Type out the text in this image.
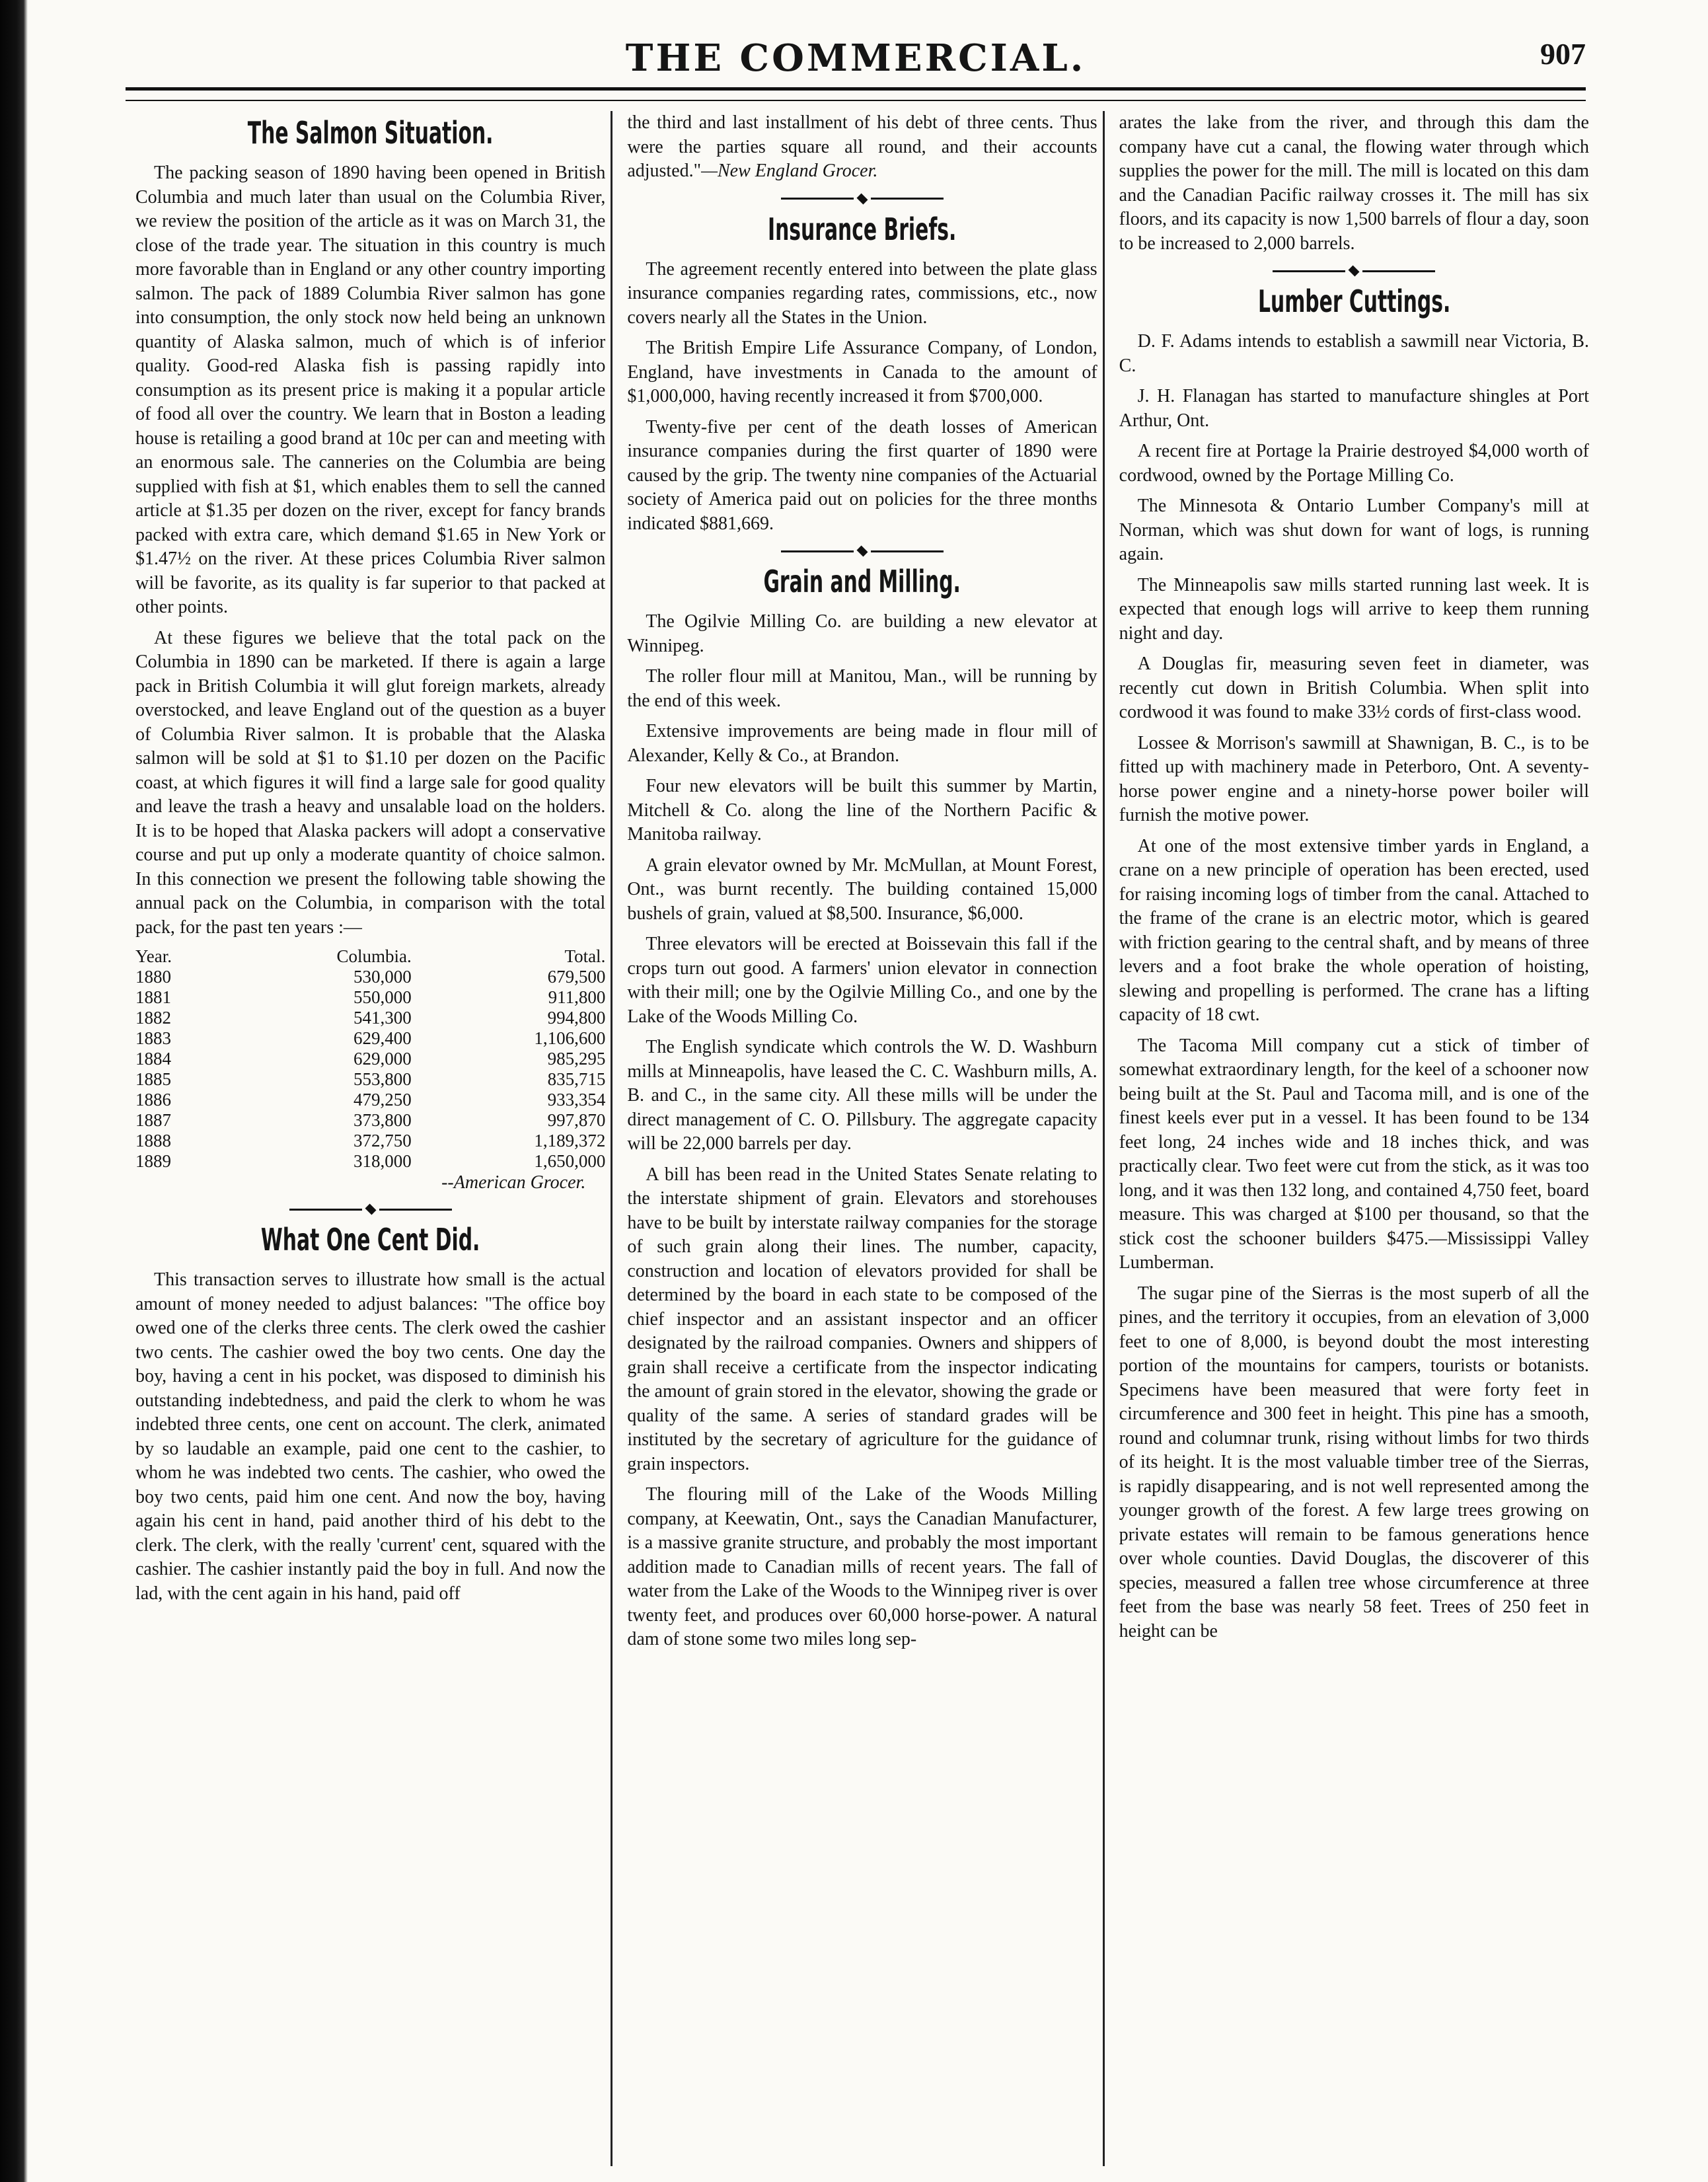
THE COMMERCIAL.	907
The Salmon Situation.

The packing season of 1890 having been opened in British Columbia and much later than usual on the Columbia River, we review the position of the article as it was on March 31, the close of the trade year. The situation in this country is much more favorable than in England or any other country importing salmon. The pack of 1889 Columbia River salmon has gone into consumption, the only stock now held being an unknown quantity of Alaska salmon, much of which is of inferior quality. Good-red Alaska fish is passing rapidly into consumption as its present price is making it a popular article of food all over the country. We learn that in Boston a leading house is retailing a good brand at 10c per can and meeting with an enormous sale. The canneries on the Columbia are being supplied with fish at $1, which enables them to sell the canned article at $1.35 per dozen on the river, except for fancy brands packed with extra care, which demand $1.65 in New York or $1.47½ on the river. At these prices Columbia River salmon will be favorite, as its quality is far superior to that packed at other points.

At these figures we believe that the total pack on the Columbia in 1890 can be marketed. If there is again a large pack in British Columbia it will glut foreign markets, already overstocked, and leave England out of the question as a buyer of Columbia River salmon. It is probable that the Alaska salmon will be sold at $1 to $1.10 per dozen on the Pacific coast, at which figures it will find a large sale for good quality and leave the trash a heavy and unsalable load on the holders. It is to be hoped that Alaska packers will adopt a conservative course and put up only a moderate quantity of choice salmon. In this connection we present the following table showing the annual pack on the Columbia, in comparison with the total pack, for the past ten years :—

Year.	Columbia.	Total.
1880	530,000	679,500
1881	550,000	911,800
1882	541,300	994,800
1883	629,400	1,106,600
1884	629,000	985,295
1885	553,800	835,715
1886	479,250	933,354
1887	373,800	997,870
1888	372,750	1,189,372
1889	318,000	1,650,000
--American Grocer.
What One Cent Did.

This transaction serves to illustrate how small is the actual amount of money needed to adjust balances: "The office boy owed one of the clerks three cents. The clerk owed the cashier two cents. The cashier owed the boy two cents. One day the boy, having a cent in his pocket, was disposed to diminish his outstanding indebtedness, and paid the clerk to whom he was indebted three cents, one cent on account. The clerk, animated by so laudable an example, paid one cent to the cashier, to whom he was indebted two cents. The cashier, who owed the boy two cents, paid him one cent. And now the boy, having again his cent in hand, paid another third of his debt to the clerk. The clerk, with the really 'current' cent, squared with the cashier. The cashier instantly paid the boy in full. And now the lad, with the cent again in his hand, paid off

the third and last installment of his debt of three cents. Thus were the parties square all round, and their accounts adjusted."—New England Grocer.

Insurance Briefs.

The agreement recently entered into between the plate glass insurance companies regarding rates, commissions, etc., now covers nearly all the States in the Union.

The British Empire Life Assurance Company, of London, England, have investments in Canada to the amount of $1,000,000, having recently increased it from $700,000.

Twenty-five per cent of the death losses of American insurance companies during the first quarter of 1890 were caused by the grip. The twenty nine companies of the Actuarial society of America paid out on policies for the three months indicated $881,669.

Grain and Milling.

The Ogilvie Milling Co. are building a new elevator at Winnipeg.

The roller flour mill at Manitou, Man., will be running by the end of this week.

Extensive improvements are being made in flour mill of Alexander, Kelly & Co., at Brandon.

Four new elevators will be built this summer by Martin, Mitchell & Co. along the line of the Northern Pacific & Manitoba railway.

A grain elevator owned by Mr. McMullan, at Mount Forest, Ont., was burnt recently. The building contained 15,000 bushels of grain, valued at $8,500. Insurance, $6,000.

Three elevators will be erected at Boissevain this fall if the crops turn out good. A farmers' union elevator in connection with their mill; one by the Ogilvie Milling Co., and one by the Lake of the Woods Milling Co.

The English syndicate which controls the W. D. Washburn mills at Minneapolis, have leased the C. C. Washburn mills, A. B. and C., in the same city. All these mills will be under the direct management of C. O. Pillsbury. The aggregate capacity will be 22,000 barrels per day.

A bill has been read in the United States Senate relating to the interstate shipment of grain. Elevators and storehouses have to be built by interstate railway companies for the storage of such grain along their lines. The number, capacity, construction and location of elevators provided for shall be determined by the board in each state to be composed of the chief inspector and an assistant inspector and an officer designated by the railroad companies. Owners and shippers of grain shall receive a certificate from the inspector indicating the amount of grain stored in the elevator, showing the grade or quality of the same. A series of standard grades will be instituted by the secretary of agriculture for the guidance of grain inspectors.

The flouring mill of the Lake of the Woods Milling company, at Keewatin, Ont., says the Canadian Manufacturer, is a massive granite structure, and probably the most important addition made to Canadian mills of recent years. The fall of water from the Lake of the Woods to the Winnipeg river is over twenty feet, and produces over 60,000 horse-power. A natural dam of stone some two miles long sep-

arates the lake from the river, and through this dam the company have cut a canal, the flowing water through which supplies the power for the mill. The mill is located on this dam and the Canadian Pacific railway crosses it. The mill has six floors, and its capacity is now 1,500 barrels of flour a day, soon to be increased to 2,000 barrels.

Lumber Cuttings.

D. F. Adams intends to establish a sawmill near Victoria, B. C.

J. H. Flanagan has started to manufacture shingles at Port Arthur, Ont.

A recent fire at Portage la Prairie destroyed $4,000 worth of cordwood, owned by the Portage Milling Co.

The Minnesota & Ontario Lumber Company's mill at Norman, which was shut down for want of logs, is running again.

The Minneapolis saw mills started running last week. It is expected that enough logs will arrive to keep them running night and day.

A Douglas fir, measuring seven feet in diameter, was recently cut down in British Columbia. When split into cordwood it was found to make 33½ cords of first-class wood.

Lossee & Morrison's sawmill at Shawnigan, B. C., is to be fitted up with machinery made in Peterboro, Ont. A seventy-horse power engine and a ninety-horse power boiler will furnish the motive power.

At one of the most extensive timber yards in England, a crane on a new principle of operation has been erected, used for raising incoming logs of timber from the canal. Attached to the frame of the crane is an electric motor, which is geared with friction gearing to the central shaft, and by means of three levers and a foot brake the whole operation of hoisting, slewing and propelling is performed. The crane has a lifting capacity of 18 cwt.

The Tacoma Mill company cut a stick of timber of somewhat extraordinary length, for the keel of a schooner now being built at the St. Paul and Tacoma mill, and is one of the finest keels ever put in a vessel. It has been found to be 134 feet long, 24 inches wide and 18 inches thick, and was practically clear. Two feet were cut from the stick, as it was too long, and it was then 132 long, and contained 4,750 feet, board measure. This was charged at $100 per thousand, so that the stick cost the schooner builders $475.—Mississippi Valley Lumberman.

The sugar pine of the Sierras is the most superb of all the pines, and the territory it occupies, from an elevation of 3,000 feet to one of 8,000, is beyond doubt the most interesting portion of the mountains for campers, tourists or botanists. Specimens have been measured that were forty feet in circumference and 300 feet in height. This pine has a smooth, round and columnar trunk, rising without limbs for two thirds of its height. It is the most valuable timber tree of the Sierras, is rapidly disappearing, and is not well represented among the younger growth of the forest. A few large trees growing on private estates will remain to be famous generations hence over whole counties. David Douglas, the discoverer of this species, measured a fallen tree whose circumference at three feet from the base was nearly 58 feet. Trees of 250 feet in height can be
